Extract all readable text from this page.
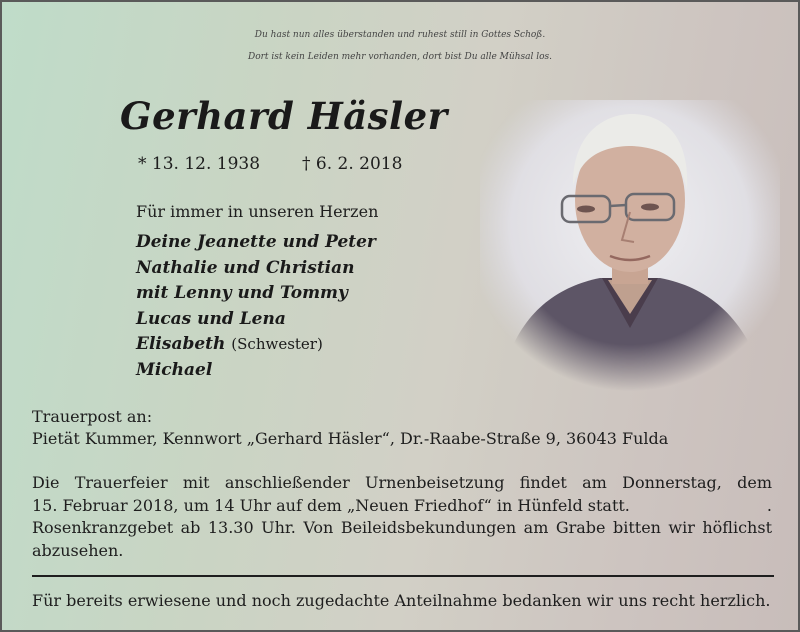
Du hast nun alles überstanden und ruhest still in Gottes Schoß.
Dort ist kein Leiden mehr vorhanden, dort bist Du alle Mühsal los.
Gerhard Häsler
* 13. 12. 1938 † 6. 2. 2018
Für immer in unseren Herzen
Deine Jeanette und Peter
Nathalie und Christian
mit Lenny und Tommy
Lucas und Lena
Elisabeth (Schwester)
Michael
Trauerpost an:
Pietät Kummer, Kennwort „Gerhard Häsler“, Dr.-Raabe-Straße 9, 36043 Fulda
Die Trauerfeier mit anschließender Urnenbeisetzung findet am Donnerstag, dem
15. Februar 2018, um 14 Uhr auf dem „Neuen Friedhof“ in Hünfeld statt.	.
Rosenkranzgebet ab 13.30 Uhr. Von Beileidsbekundungen am Grabe bitten wir höflichst
abzusehen.
Für bereits erwiesene und noch zugedachte Anteilnahme bedanken wir uns recht herzlich.
